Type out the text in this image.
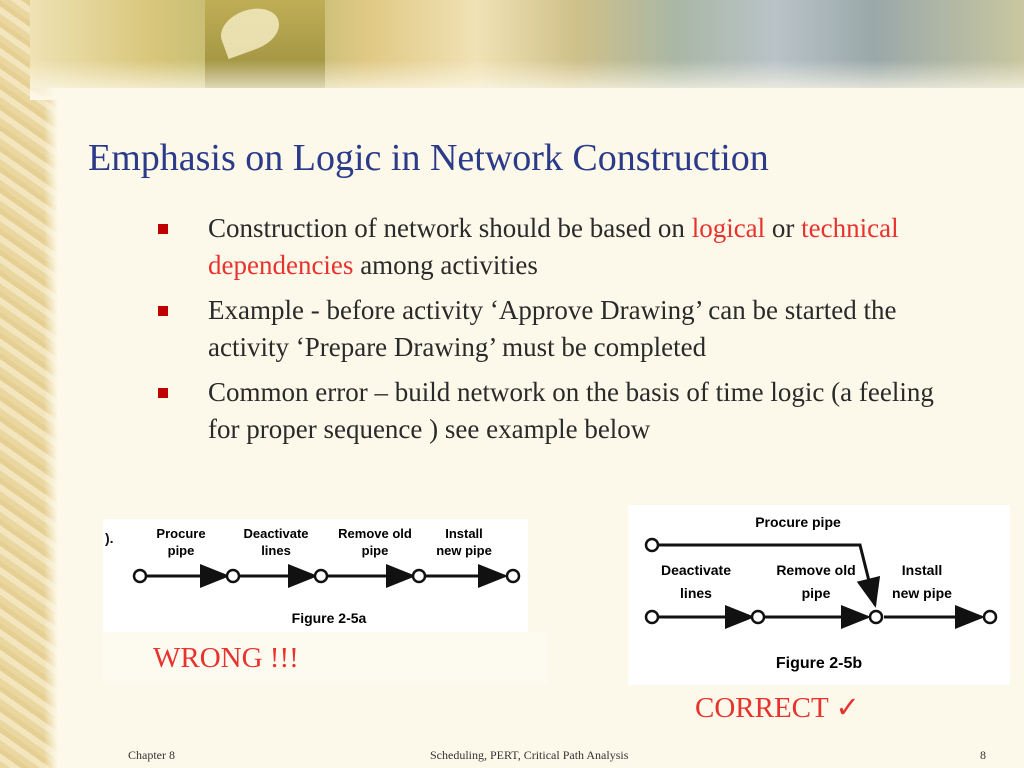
Emphasis on Logic in Network Construction
Construction of network should be based on logical or technical dependencies among activities
Example - before activity ‘Approve Drawing’ can be started the activity ‘Prepare Drawing’ must be completed
Common error – build network on the basis of time logic (a feeling for proper sequence ) see example below
).	Procure
pipe
Deactivate
lines
Remove old
pipe
Install
new pipe
Figure 2-5a
WRONG !!!
Procure pipe
Deactivate
lines
Remove old
pipe
Install
new pipe
Figure 2-5b
CORRECT ✓
Chapter 8	Scheduling, PERT, Critical Path Analysis	8
